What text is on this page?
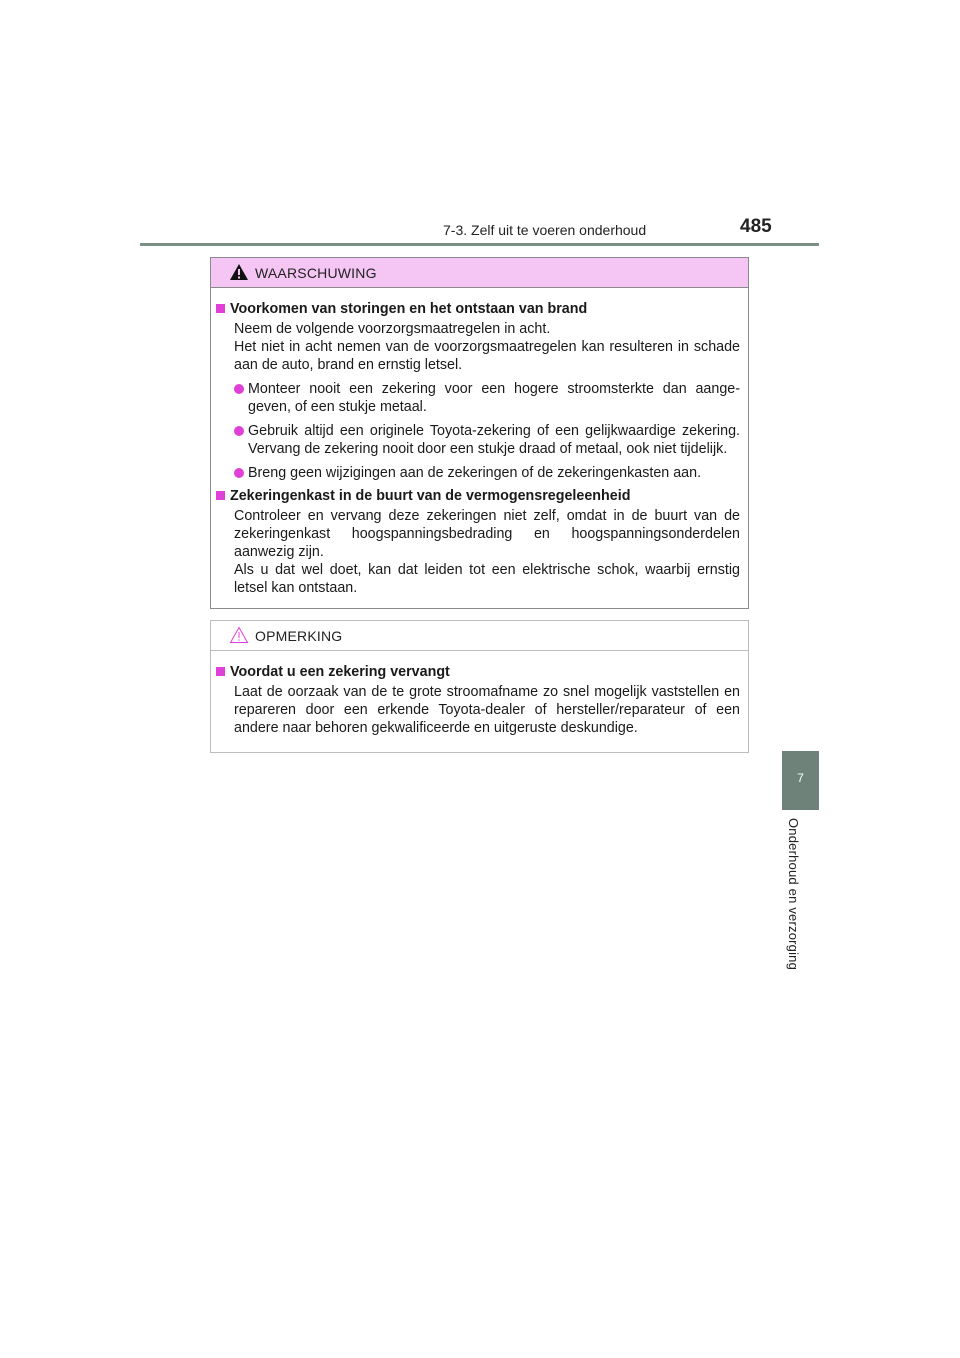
7-3. Zelf uit te voeren onderhoud	485
7
Onderhoud en verzorging
WAARSCHUWING
Voorkomen van storingen en het ontstaan van brand

Neem de volgende voorzorgsmaatregelen in acht.

Het niet in acht nemen van de voorzorgsmaatregelen kan resulteren in schade aan de auto, brand en ernstig letsel.

Monteer nooit een zekering voor een hogere stroomsterkte dan aange- geven, of een stukje metaal.
Gebruik altijd een originele Toyota-zekering of een gelijkwaardige zekering. Vervang de zekering nooit door een stukje draad of metaal, ook niet tijdelijk.
Breng geen wijzigingen aan de zekeringen of de zekeringenkasten aan.
Zekeringenkast in de buurt van de vermogensregeleenheid

Controleer en vervang deze zekeringen niet zelf, omdat in de buurt van de zekeringenkast hoogspanningsbedrading en hoogspanningsonderdelen aanwezig zijn.

Als u dat wel doet, kan dat leiden tot een elektrische schok, waarbij ernstig letsel kan ontstaan.

OPMERKING
Voordat u een zekering vervangt

Laat de oorzaak van de te grote stroomafname zo snel mogelijk vaststellen en repareren door een erkende Toyota-dealer of hersteller/reparateur of een andere naar behoren gekwalificeerde en uitgeruste deskundige.
